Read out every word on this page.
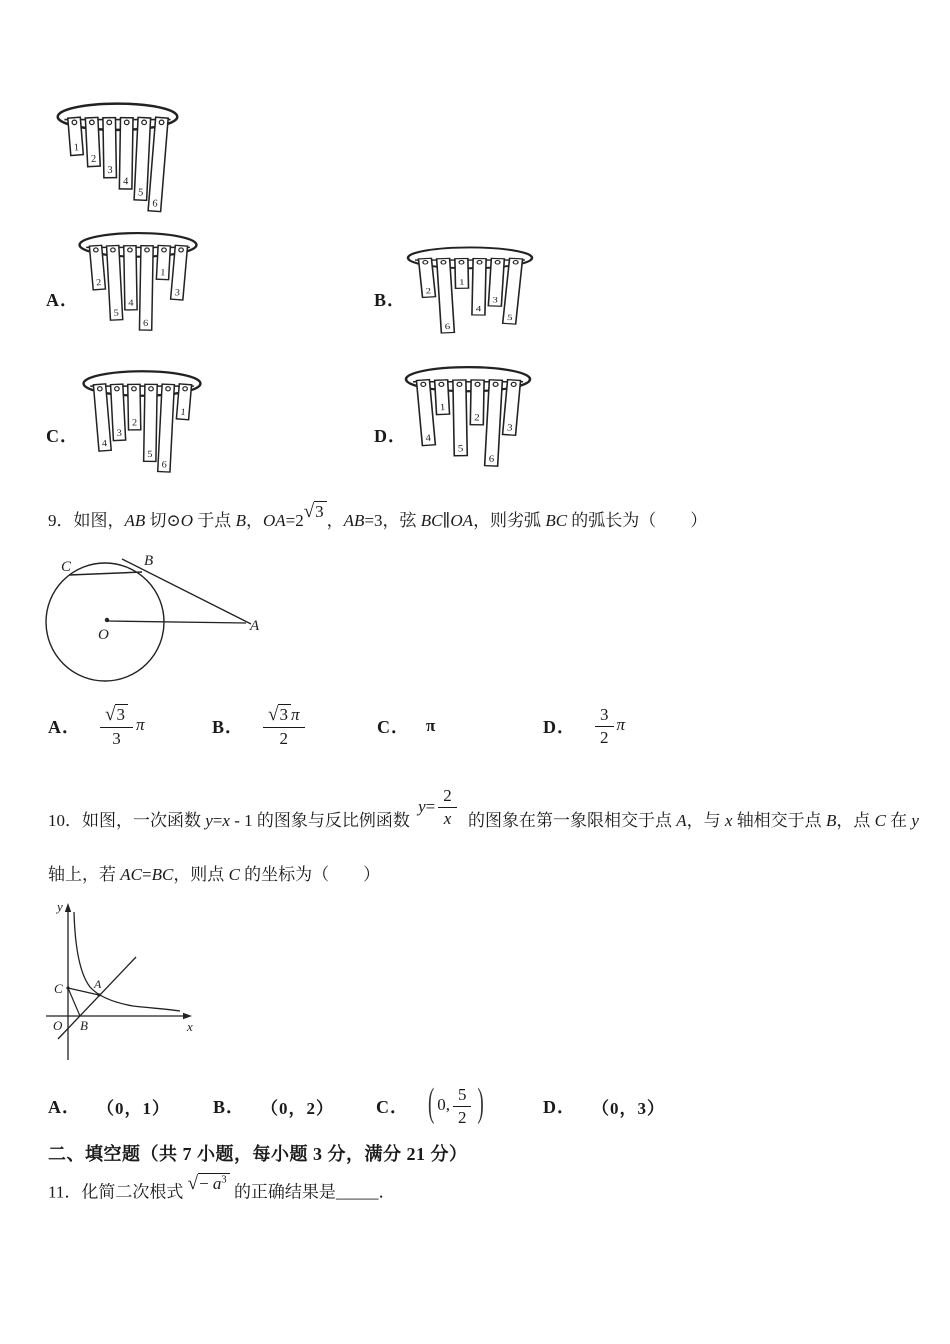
1
2
3
4
5
6
A．
2
5
4
6
1
3	B． 2
6
1
4
3
5
C． 4
3
2
5
6
1
D． 4
1
5
2
6
3
9．如图，AB 切⊙O 于点 B，OA=2√3 ，AB=3，弦 BC∥OA，则劣弧 BC 的弧长为（　　）
C	B
O
A
A． $\frac{√3}{3}$ π	B． $\frac{√3 \pi}{2}$	C． π	D． $\frac{3}{2}$ π
10．如图，一次函数 y=x - 1 的图象与反比例函数
$y = \frac{2}{x}$ 的图象在第一象限相交于点 A，与 x 轴相交于点 B，点 C 在 y
轴上，若 AC=BC，则点 C 的坐标为（　　）
y
x
O B
C	A
A． （0，1） B． （0，2） C． ( 0, $\frac{5}{2}$ )	D． （0，3）
二、填空题（共 7 小题，每小题 3 分，满分 21 分）
11．化简二次根式 √− $a^3$ 的正确结果是_____．
